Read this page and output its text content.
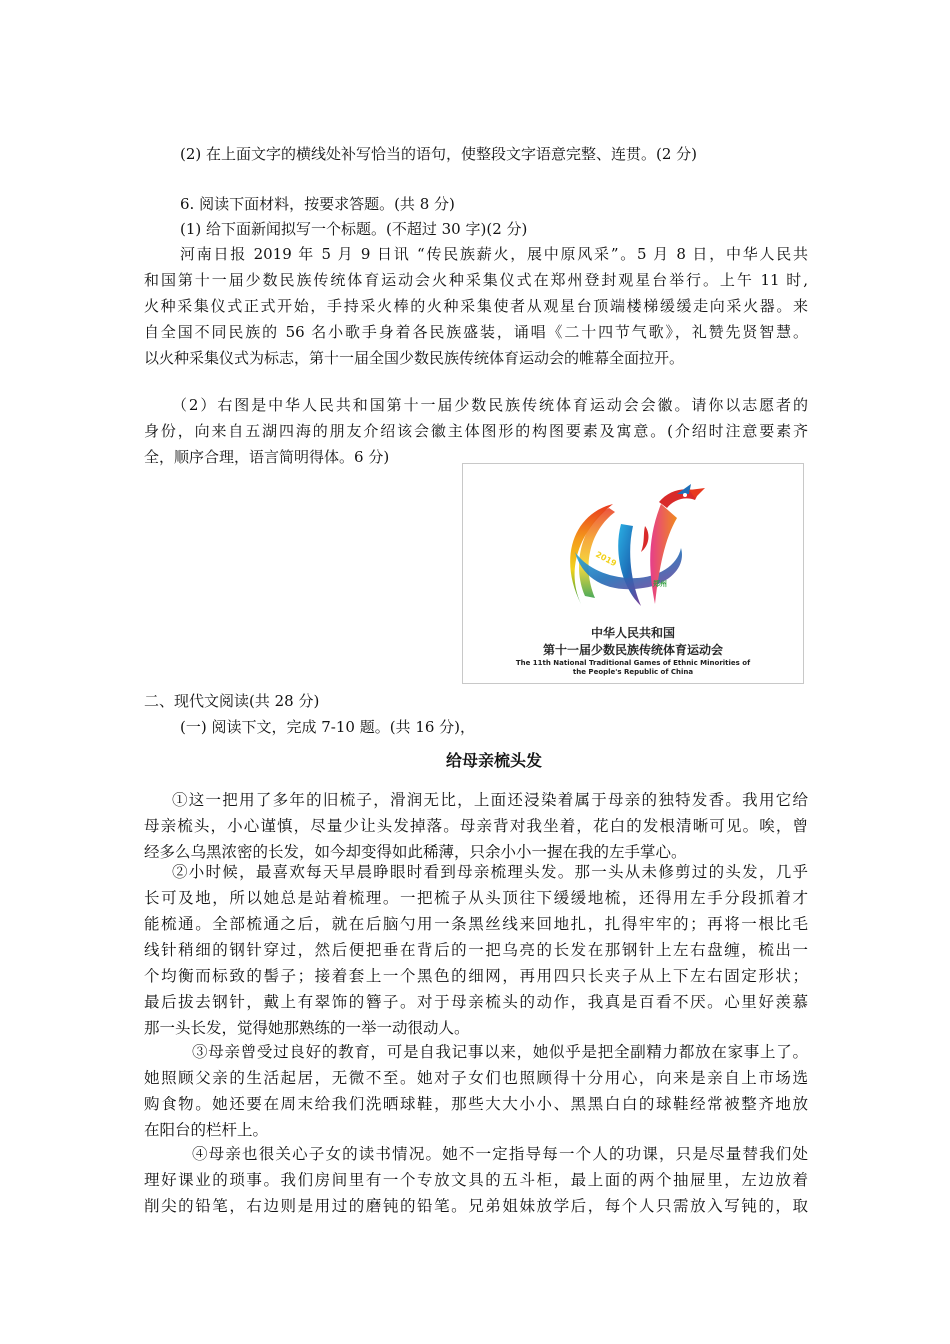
(2) 在上面文字的横线处补写恰当的语句，使整段文字语意完整、连贯。(2 分)
6. 阅读下面材料，按要求答题。(共 8 分)
(1) 给下面新闻拟写一个标题。(不超过 30 字)(2 分)
河南日报 2019 年 5 月 9 日讯 “传民族薪火，展中原风采”。5 月 8 日，中华人民共
和国第十一届少数民族传统体育运动会火种采集仪式在郑州登封观星台举行。上午 11 时,
火种采集仪式正式开始，手持采火棒的火种采集使者从观星台顶端楼梯缓缓走向采火器。来
自全国不同民族的 56 名小歌手身着各民族盛装，诵唱《二十四节气歌》，礼赞先贤智慧。
以火种采集仪式为标志，第十一届全国少数民族传统体育运动会的帷幕全面拉开。
（2）右图是中华人民共和国第十一届少数民族传统体育运动会会徽。请你以志愿者的
身份，向来自五湖四海的朋友介绍该会徽主体图形的构图要素及寓意。(介绍时注意要素齐
全，顺序合理，语言简明得体。6 分)
2019
郑州
中华人民共和国
第十一届少数民族传统体育运动会
The 11th National Traditional Games of Ethnic Minorities of
the People's Republic of China
二、现代文阅读(共 28 分)
(一) 阅读下文，完成 7-10 题。(共 16 分)，
给母亲梳头发
①这一把用了多年的旧梳子，滑润无比，上面还浸染着属于母亲的独特发香。我用它给
母亲梳头，小心谨慎，尽量少让头发掉落。母亲背对我坐着，花白的发根清晰可见。唉，曾
经多么乌黑浓密的长发，如今却变得如此稀薄，只余小小一握在我的左手掌心。
②小时候，最喜欢每天早晨睁眼时看到母亲梳理头发。那一头从未修剪过的头发，几乎
长可及地，所以她总是站着梳理。一把梳子从头顶往下缓缓地梳，还得用左手分段抓着才
能梳通。全部梳通之后，就在后脑勺用一条黑丝线来回地扎，扎得牢牢的；再将一根比毛
线针稍细的钢针穿过，然后便把垂在背后的一把乌亮的长发在那钢针上左右盘缠，梳出一
个均衡而标致的髻子；接着套上一个黑色的细网，再用四只长夹子从上下左右固定形状；
最后拔去钢针，戴上有翠饰的簪子。对于母亲梳头的动作，我真是百看不厌。心里好羡慕
那一头长发，觉得她那熟练的一举一动很动人。
③母亲曾受过良好的教育，可是自我记事以来，她似乎是把全副精力都放在家事上了。
她照顾父亲的生活起居，无微不至。她对子女们也照顾得十分用心，向来是亲自上市场选
购食物。她还要在周末给我们洗晒球鞋，那些大大小小、黑黑白白的球鞋经常被整齐地放
在阳台的栏杆上。
④母亲也很关心子女的读书情况。她不一定指导每一个人的功课，只是尽量替我们处
理好课业的琐事。我们房间里有一个专放文具的五斗柜，最上面的两个抽屉里，左边放着
削尖的铅笔，右边则是用过的磨钝的铅笔。兄弟姐妹放学后，每个人只需放入写钝的，取
